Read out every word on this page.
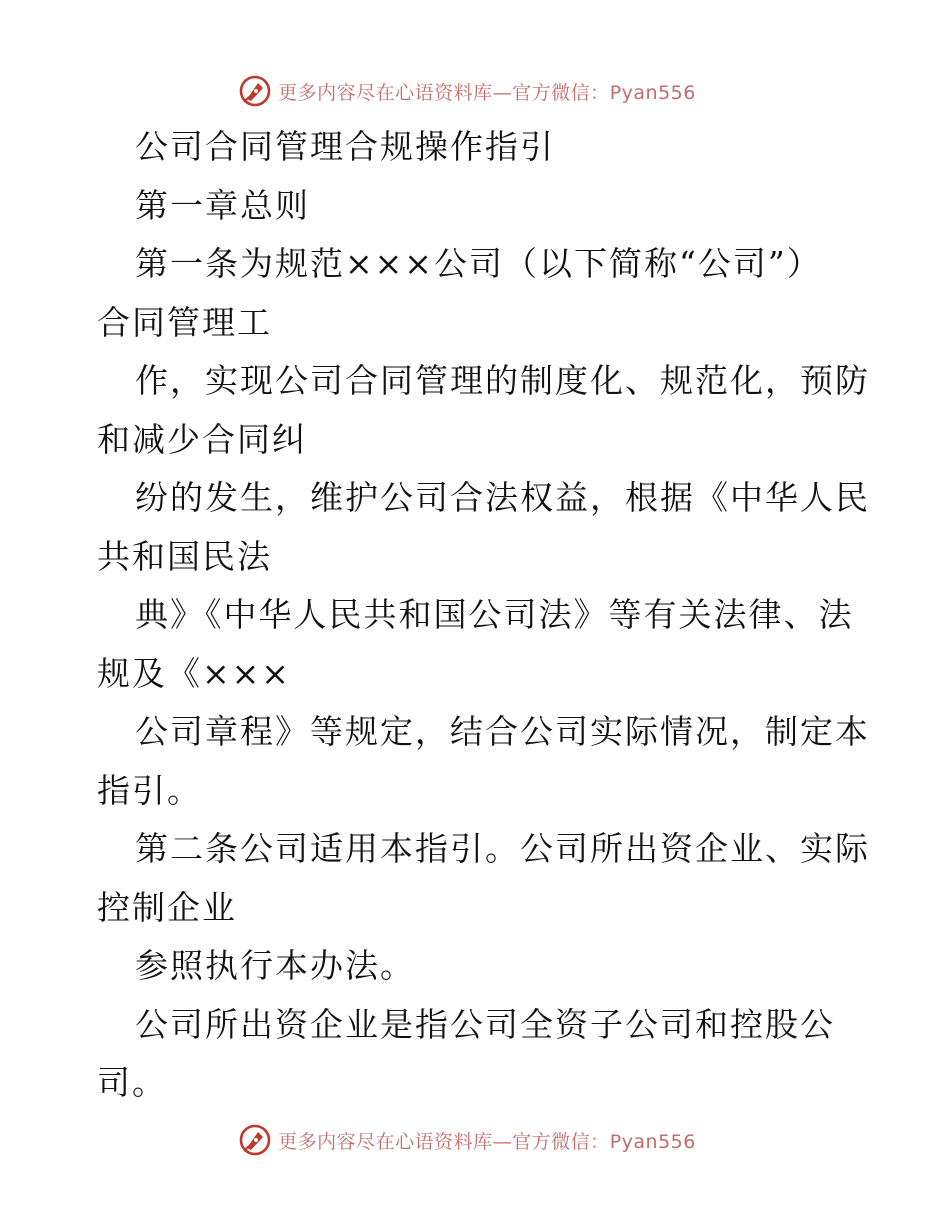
更多内容尽在心语资料库—官方微信：Pyan556
公司合同管理合规操作指引
第一章总则
第一条为规范×××公司（以下简称“公司”）
合同管理工
作，实现公司合同管理的制度化、规范化，预防
和减少合同纠
纷的发生，维护公司合法权益，根据《中华人民
共和国民法
典》《中华人民共和国公司法》等有关法律、法
规及《×××
公司章程》等规定，结合公司实际情况，制定本
指引。
第二条公司适用本指引。公司所出资企业、实际
控制企业
参照执行本办法。
公司所出资企业是指公司全资子公司和控股公
司。
更多内容尽在心语资料库—官方微信：Pyan556
